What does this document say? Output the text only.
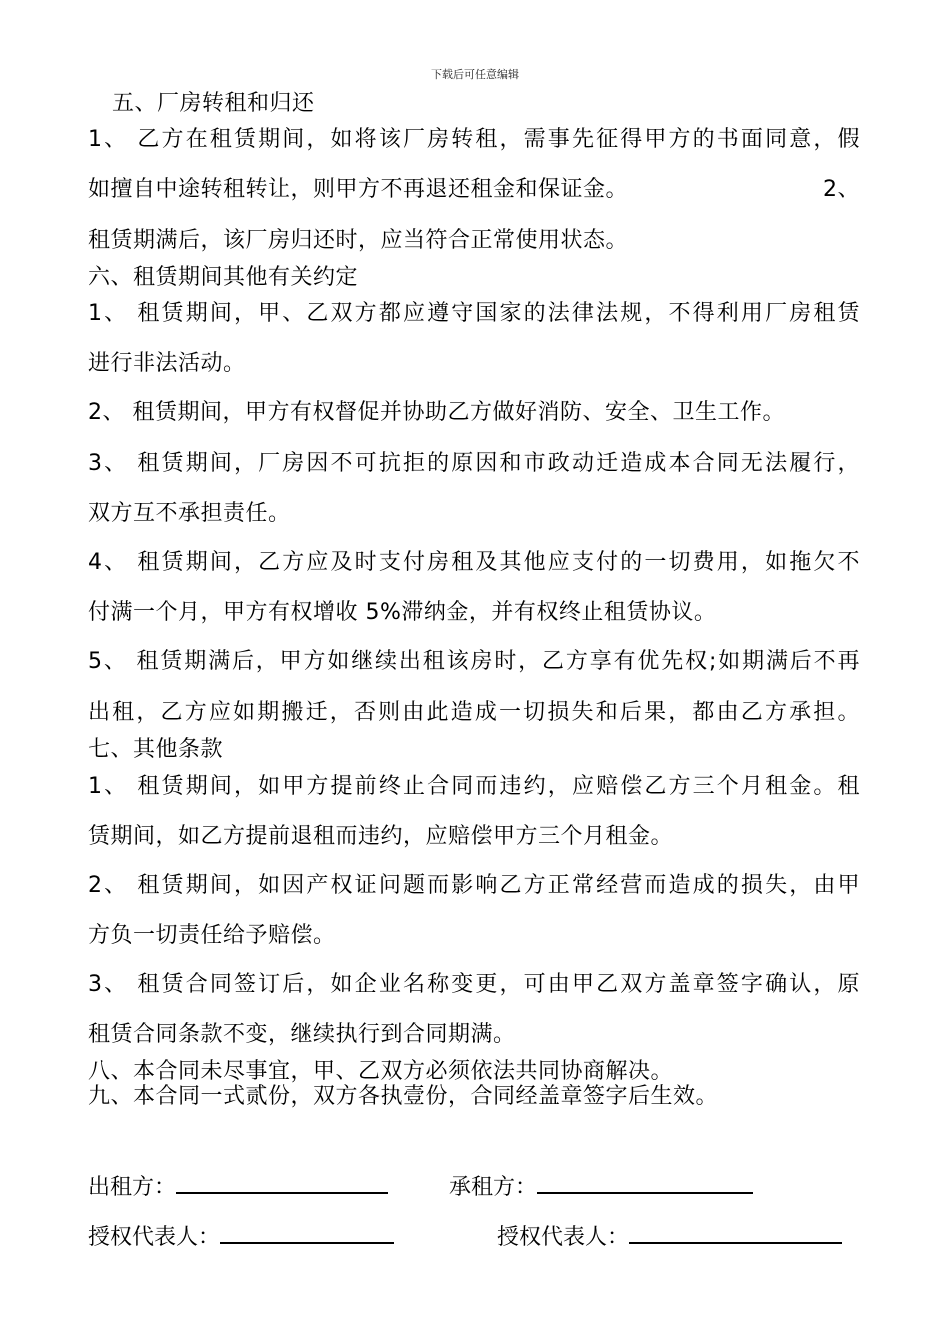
下载后可任意编辑
五、厂房转租和归还
1、 乙方在租赁期间，如将该厂房转租，需事先征得甲方的书面同意，假
如擅自中途转租转让，则甲方不再退还租金和保证金。	2、
租赁期满后，该厂房归还时，应当符合正常使用状态。
六、租赁期间其他有关约定
1、 租赁期间，甲、乙双方都应遵守国家的法律法规，不得利用厂房租赁
进行非法活动。
2、 租赁期间，甲方有权督促并协助乙方做好消防、安全、卫生工作。
3、 租赁期间，厂房因不可抗拒的原因和市政动迁造成本合同无法履行，
双方互不承担责任。
4、 租赁期间，乙方应及时支付房租及其他应支付的一切费用，如拖欠不
付满一个月，甲方有权增收 5%滞纳金，并有权终止租赁协议。
5、 租赁期满后，甲方如继续出租该房时，乙方享有优先权;如期满后不再
出租，乙方应如期搬迁，否则由此造成一切损失和后果，都由乙方承担。
七、其他条款
1、 租赁期间，如甲方提前终止合同而违约，应赔偿乙方三个月租金。租
赁期间，如乙方提前退租而违约，应赔偿甲方三个月租金。
2、 租赁期间，如因产权证问题而影响乙方正常经营而造成的损失，由甲
方负一切责任给予赔偿。
3、 租赁合同签订后，如企业名称变更，可由甲乙双方盖章签字确认，原
租赁合同条款不变，继续执行到合同期满。
八、本合同未尽事宜，甲、乙双方必须依法共同协商解决。
九、本合同一式贰份，双方各执壹份，合同经盖章签字后生效。
出租方：	承租方：
授权代表人：	授权代表人：
